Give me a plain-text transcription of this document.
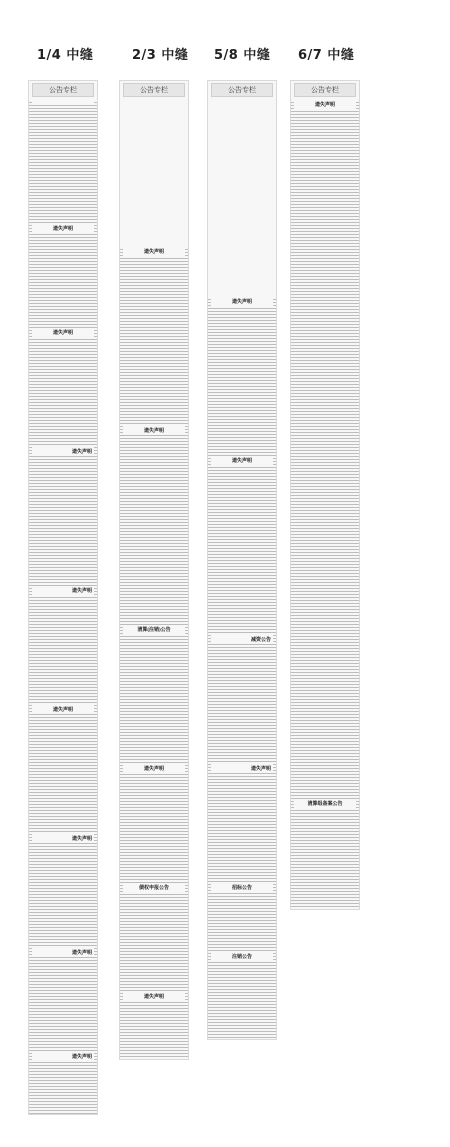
1/4 中缝
公告专栏
遗失声明
遗失声明
遗失声明
遗失声明
遗失声明
遗失声明
遗失声明
遗失声明
2/3 中缝
公告专栏
遗失声明
遗失声明
清算(注销)公告
遗失声明
债权申报公告
遗失声明
5/8 中缝
公告专栏
遗失声明
遗失声明
减资公告
遗失声明
招标公告
注销公告
6/7 中缝
公告专栏
遗失声明
清算组备案公告
